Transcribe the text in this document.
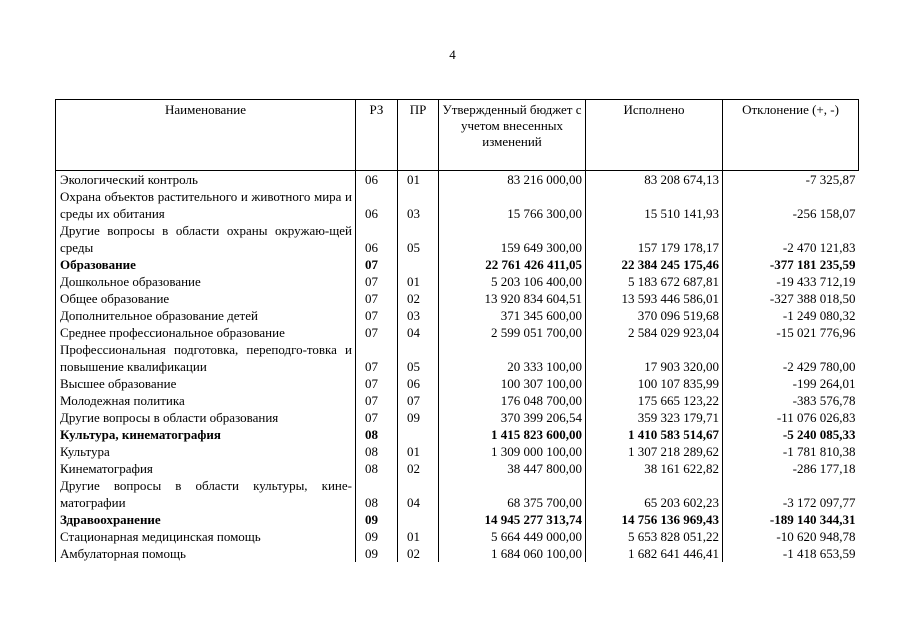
4
Наименование	РЗ	ПР	Утвержденный бюджет с учетом внесенных изменений	Исполнено	Отклонение (+, -)
Экологический контроль	06	01	83 216 000,00	83 208 674,13	-7 325,87
Охрана объектов растительного и животного мира и среды их обитания	06	03	15 766 300,00	15 510 141,93	-256 158,07
Другие вопросы в области охраны окружаю-щей среды	06	05	159 649 300,00	157 179 178,17	-2 470 121,83
Образование	07		22 761 426 411,05	22 384 245 175,46	-377 181 235,59
Дошкольное образование	07	01	5 203 106 400,00	5 183 672 687,81	-19 433 712,19
Общее образование	07	02	13 920 834 604,51	13 593 446 586,01	-327 388 018,50
Дополнительное образование детей	07	03	371 345 600,00	370 096 519,68	-1 249 080,32
Среднее профессиональное образование	07	04	2 599 051 700,00	2 584 029 923,04	-15 021 776,96
Профессиональная подготовка, переподго-товка и повышение квалификации	07	05	20 333 100,00	17 903 320,00	-2 429 780,00
Высшее образование	07	06	100 307 100,00	100 107 835,99	-199 264,01
Молодежная политика	07	07	176 048 700,00	175 665 123,22	-383 576,78
Другие вопросы в области образования	07	09	370 399 206,54	359 323 179,71	-11 076 026,83
Культура, кинематография	08		1 415 823 600,00	1 410 583 514,67	-5 240 085,33
Культура	08	01	1 309 000 100,00	1 307 218 289,62	-1 781 810,38
Кинематография	08	02	38 447 800,00	38 161 622,82	-286 177,18
Другие вопросы в области культуры, кине-матографии	08	04	68 375 700,00	65 203 602,23	-3 172 097,77
Здравоохранение	09		14 945 277 313,74	14 756 136 969,43	-189 140 344,31
Стационарная медицинская помощь	09	01	5 664 449 000,00	5 653 828 051,22	-10 620 948,78
Амбулаторная помощь	09	02	1 684 060 100,00	1 682 641 446,41	-1 418 653,59
